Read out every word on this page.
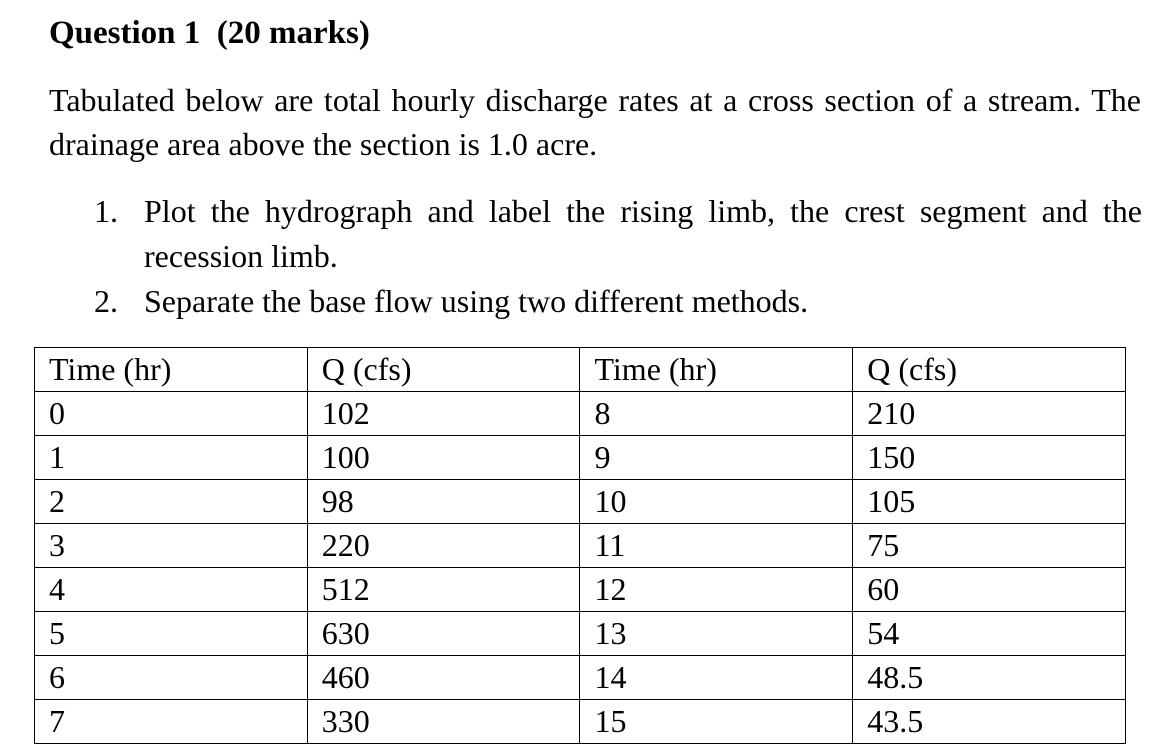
Question 1  (20 marks)
Tabulated below are total hourly discharge rates at a cross section of a stream. The drainage area above the section is 1.0 acre.
1. Plot the hydrograph and label the rising limb, the crest segment and the recession limb.
2. Separate the base flow using two different methods.
Time (hr)	Q (cfs)	Time (hr)	Q (cfs)
0	102	8	210
1	100	9	150
2	98	10	105
3	220	11	75
4	512	12	60
5	630	13	54
6	460	14	48.5
7	330	15	43.5
